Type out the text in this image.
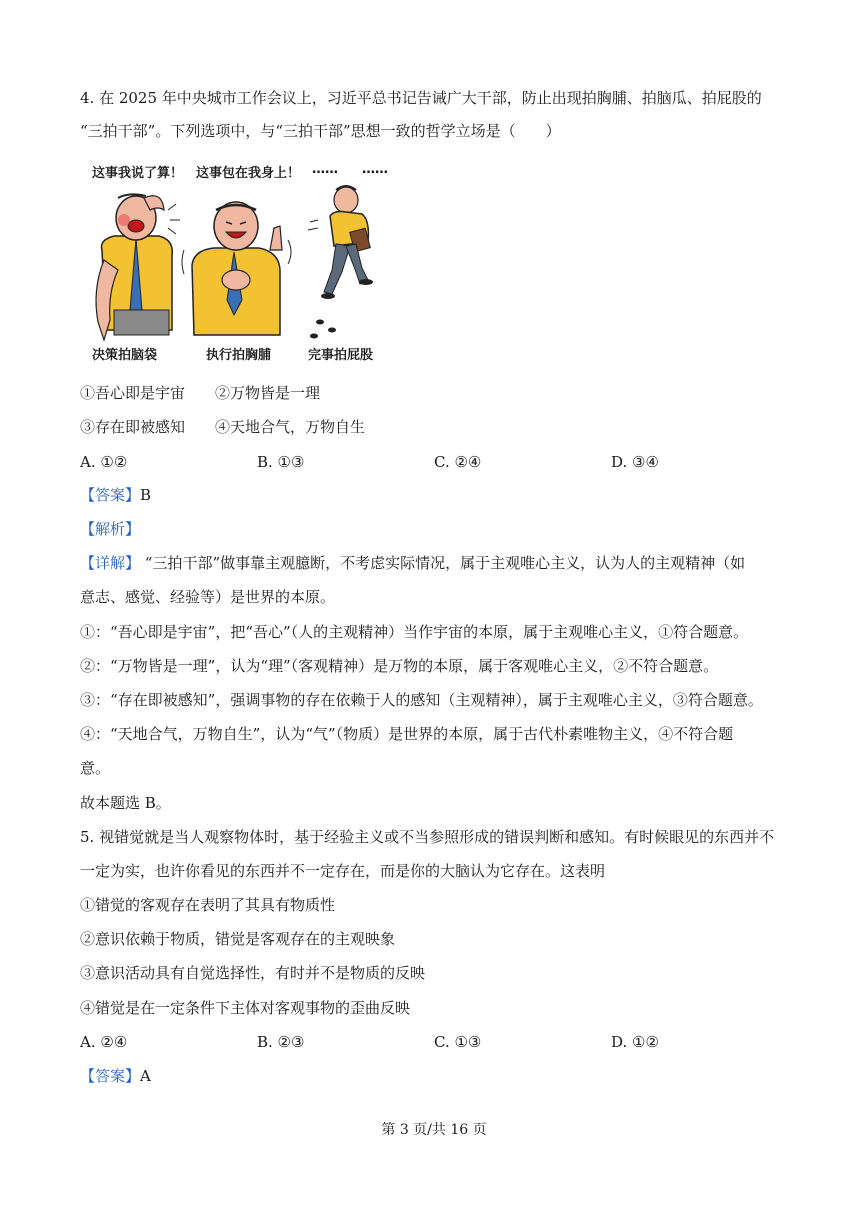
4. 在 2025 年中央城市工作会议上，习近平总书记告诫广大干部，防止出现拍胸脯、拍脑瓜、拍屁股的
“三拍干部”。下列选项中，与“三拍干部”思想一致的哲学立场是（　　）
这事我说了算！ 这事包在我身上！ …… ……
决策拍脑袋	执行拍胸脯	完事拍屁股
①吾心即是宇宙　　②万物皆是一理
③存在即被感知　　④天地合气，万物自生
A. ①②	B. ①③	C. ②④	D. ③④
【答案】B
【解析】
【详解】 “三拍干部”做事靠主观臆断，不考虑实际情况，属于主观唯心主义，认为人的主观精神（如
意志、感觉、经验等）是世界的本原。
①：“吾心即是宇宙”，把“吾心”（人的主观精神）当作宇宙的本原，属于主观唯心主义，①符合题意。
②：“万物皆是一理”，认为“理”（客观精神）是万物的本原，属于客观唯心主义，②不符合题意。
③：“存在即被感知”，强调事物的存在依赖于人的感知（主观精神），属于主观唯心主义，③符合题意。
④：“天地合气，万物自生”，认为“气”（物质）是世界的本原，属于古代朴素唯物主义，④不符合题
意。
故本题选 B。
5. 视错觉就是当人观察物体时，基于经验主义或不当参照形成的错误判断和感知。有时候眼见的东西并不
一定为实，也许你看见的东西并不一定存在，而是你的大脑认为它存在。这表明
①错觉的客观存在表明了其具有物质性
②意识依赖于物质，错觉是客观存在的主观映象
③意识活动具有自觉选择性，有时并不是物质的反映
④错觉是在一定条件下主体对客观事物的歪曲反映
A. ②④	B. ②③	C. ①③	D. ①②
【答案】A
第 3 页/共 16 页
